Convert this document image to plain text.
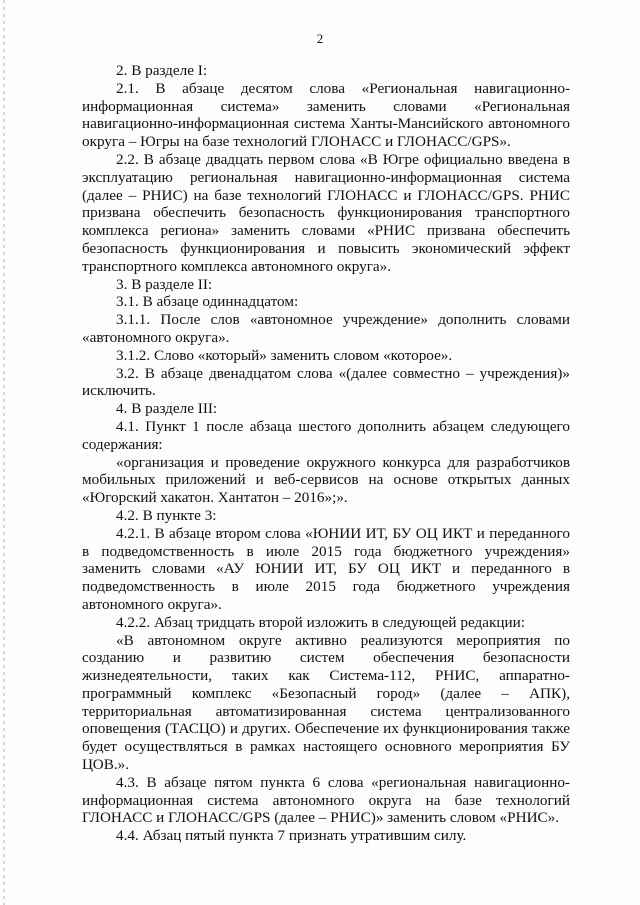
2

2. В разделе I:

2.1. В абзаце десятом слова «Региональная навигационно-информационная система» заменить словами «Региональная навигационно-информационная система Ханты-Мансийского автономного округа – Югры на базе технологий ГЛОНАСС и ГЛОНАСС/GPS».

2.2. В абзаце двадцать первом слова «В Югре официально введена в эксплуатацию региональная навигационно-информационная система (далее – РНИС) на базе технологий ГЛОНАСС и ГЛОНАСС/GPS. РНИС призвана обеспечить безопасность функционирования транспортного комплекса региона» заменить словами «РНИС призвана обеспечить безопасность функционирования и повысить экономический эффект транспортного комплекса автономного округа».

3. В разделе II:

3.1. В абзаце одиннадцатом:

3.1.1. После слов «автономное учреждение» дополнить словами «автономного округа».

3.1.2. Слово «который» заменить словом «которое».

3.2. В абзаце двенадцатом слова «(далее совместно – учреждения)» исключить.

4. В разделе III:

4.1. Пункт 1 после абзаца шестого дополнить абзацем следующего содержания:

«организация и проведение окружного конкурса для разработчиков мобильных приложений и веб-сервисов на основе открытых данных «Югорский хакатон. Хантатон – 2016»;».

4.2. В пункте 3:

4.2.1. В абзаце втором слова «ЮНИИ ИТ, БУ ОЦ ИКТ и переданного в подведомственность в июле 2015 года бюджетного учреждения» заменить словами «АУ ЮНИИ ИТ, БУ ОЦ ИКТ и переданного в подведомственность в июле 2015 года бюджетного учреждения автономного округа».

4.2.2. Абзац тридцать второй изложить в следующей редакции:

«В автономном округе активно реализуются мероприятия по созданию и развитию систем обеспечения безопасности жизнедеятельности, таких как Система-112, РНИС, аппаратно-программный комплекс «Безопасный город» (далее – АПК), территориальная автоматизированная система централизованного оповещения (ТАСЦО) и других. Обеспечение их функционирования также будет осуществляться в рамках настоящего основного мероприятия БУ ЦОВ.».

4.3. В абзаце пятом пункта 6 слова «региональная навигационно-информационная система автономного округа на базе технологий ГЛОНАСС и ГЛОНАСС/GPS (далее – РНИС)» заменить словом «РНИС».

4.4. Абзац пятый пункта 7 признать утратившим силу.
